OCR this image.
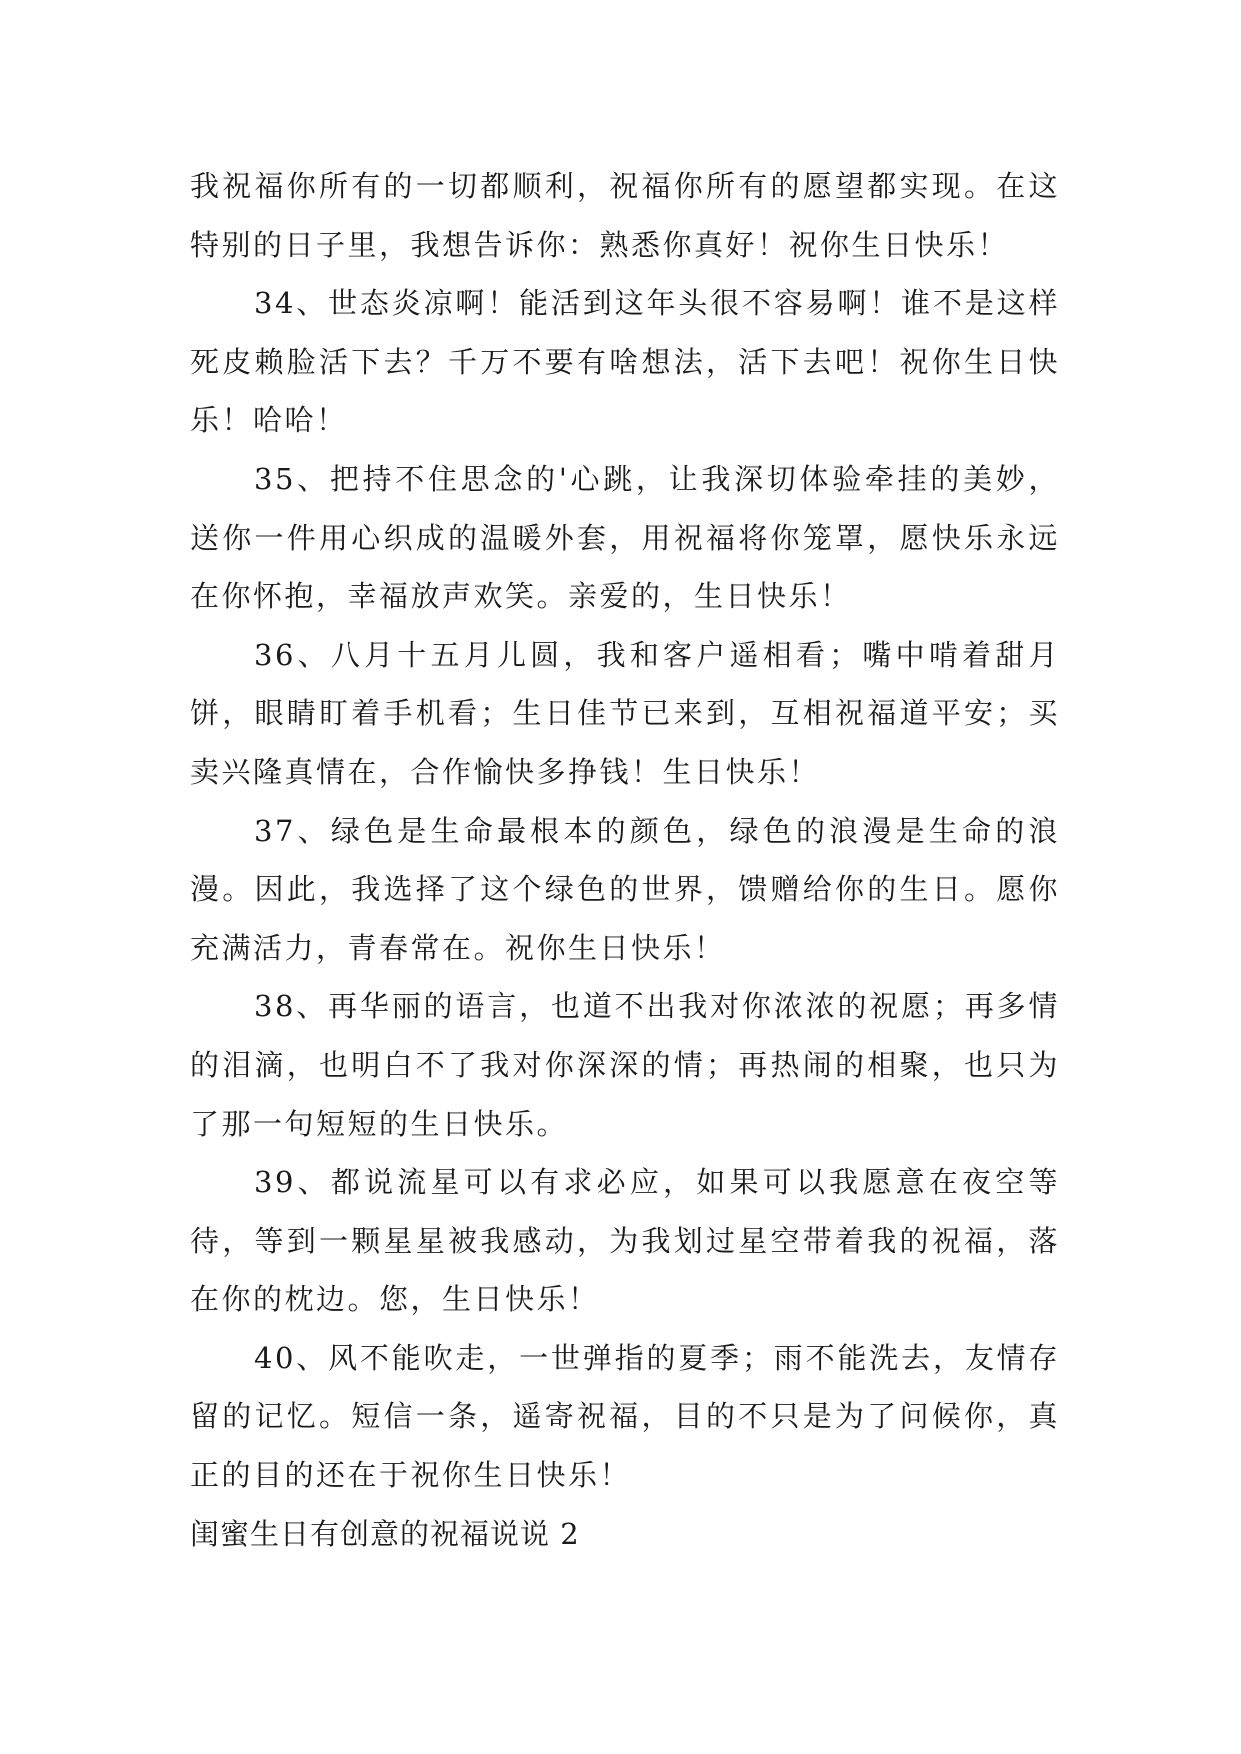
我祝福你所有的一切都顺利，祝福你所有的愿望都实现。在这特别的日子里，我想告诉你：熟悉你真好！祝你生日快乐！

34、世态炎凉啊！能活到这年头很不容易啊！谁不是这样死皮赖脸活下去？千万不要有啥想法，活下去吧！祝你生日快乐！哈哈！

35、把持不住思念的'心跳，让我深切体验牵挂的美妙，送你一件用心织成的温暖外套，用祝福将你笼罩，愿快乐永远在你怀抱，幸福放声欢笑。亲爱的，生日快乐！

36、八月十五月儿圆，我和客户遥相看；嘴中啃着甜月饼，眼睛盯着手机看；生日佳节已来到，互相祝福道平安；买卖兴隆真情在，合作愉快多挣钱！生日快乐！

37、绿色是生命最根本的颜色，绿色的浪漫是生命的浪漫。因此，我选择了这个绿色的世界，馈赠给你的生日。愿你充满活力，青春常在。祝你生日快乐！

38、再华丽的语言，也道不出我对你浓浓的祝愿；再多情的泪滴，也明白不了我对你深深的情；再热闹的相聚，也只为了那一句短短的生日快乐。

39、都说流星可以有求必应，如果可以我愿意在夜空等待，等到一颗星星被我感动，为我划过星空带着我的祝福，落在你的枕边。您，生日快乐！

40、风不能吹走，一世弹指的夏季；雨不能洗去，友情存留的记忆。短信一条，遥寄祝福，目的不只是为了问候你，真正的目的还在于祝你生日快乐！

闺蜜生日有创意的祝福说说 2
